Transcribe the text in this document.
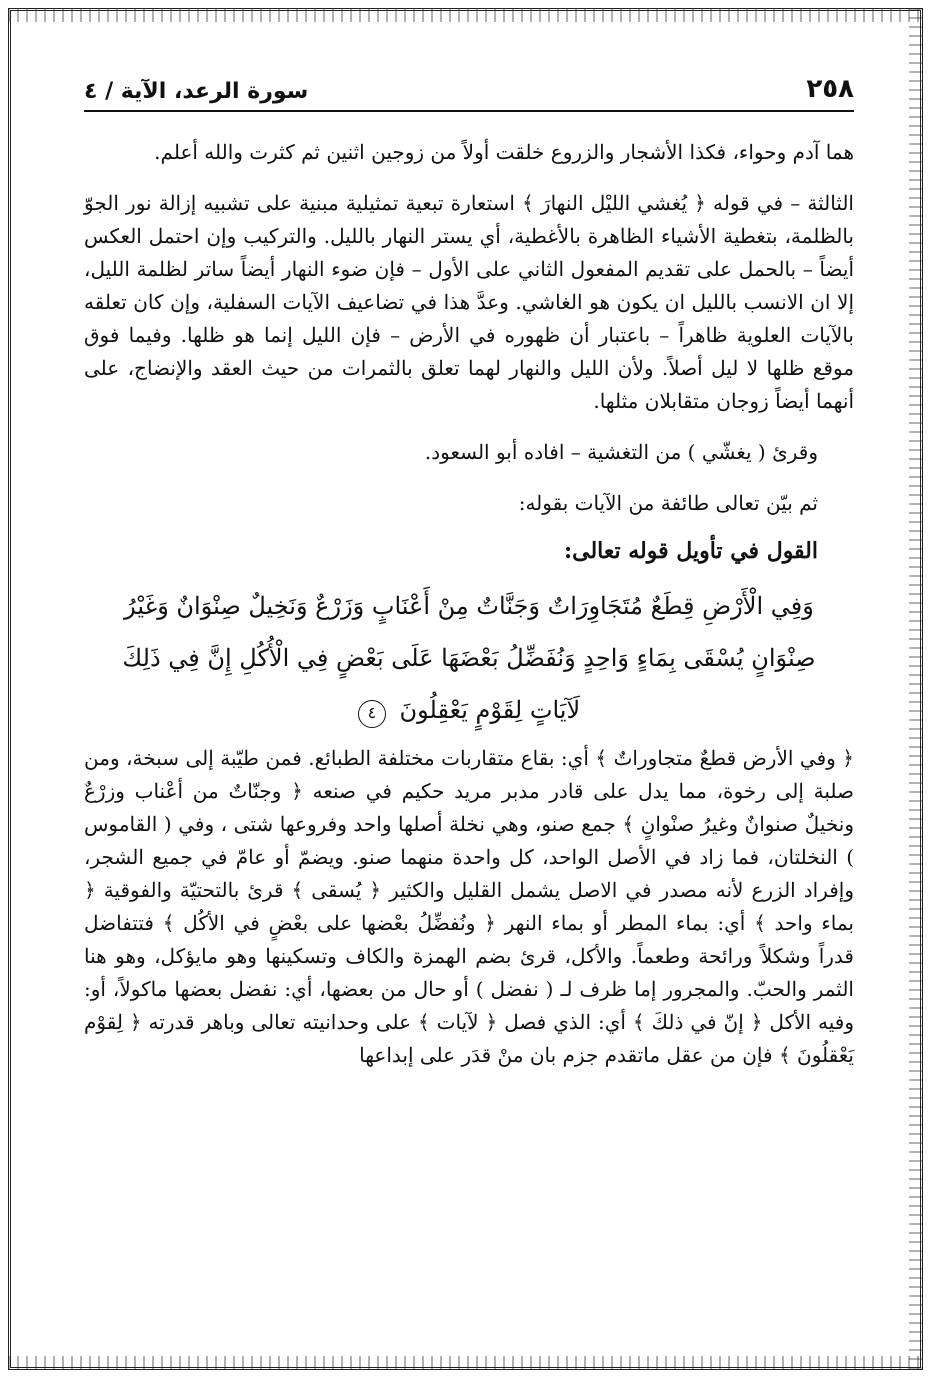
٢٥٨
سورة الرعد، الآية / ٤

هما آدم وحواء، فكذا الأشجار والزروع خلقت أولاً من زوجين اثنين ثم كثرت والله أعلم.

الثالثة – في قوله ﴿ يُغشي الليْل النهارَ ﴾ استعارة تبعية تمثيلية مبنية على تشبيه إزالة نور الجوّ بالظلمة، بتغطية الأشياء الظاهرة بالأغطية، أي يستر النهار بالليل. والتركيب وإن احتمل العكس أيضاً – بالحمل على تقديم المفعول الثاني على الأول – فإن ضوء النهار أيضاً ساتر لظلمة الليل، إلا ان الانسب بالليل ان يكون هو الغاشي. وعدَّ هذا في تضاعيف الآيات السفلية، وإن كان تعلقه بالآيات العلوية ظاهراً – باعتبار أن ظهوره في الأرض – فإن الليل إنما هو ظلها. وفيما فوق موقع ظلها لا ليل أصلاً. ولأن الليل والنهار لهما تعلق بالثمرات من حيث العقد والإنضاج، على أنهما أيضاً زوجان متقابلان مثلها.

وقرئ ( يغشّي ) من التغشية – افاده أبو السعود.

ثم بيّن تعالى طائفة من الآيات بقوله:

القول في تأويل قوله تعالى:
وَفِي الْأَرْضِ قِطَعٌ مُتَجَاوِرَاتٌ وَجَنَّاتٌ مِنْ أَعْنَابٍ وَزَرْعٌ وَنَخِيلٌ صِنْوَانٌ وَغَيْرُ
صِنْوَانٍ يُسْقَى بِمَاءٍ وَاحِدٍ وَنُفَضِّلُ بَعْضَهَا عَلَى بَعْضٍ فِي الْأُكُلِ إِنَّ فِي ذَلِكَ
لَآيَاتٍ لِقَوْمٍ يَعْقِلُونَ ٤

﴿ وفي الأرض قطعٌ متجاوراتٌ ﴾ أي: بقاع متقاربات مختلفة الطبائع. فمن طيّبة إلى سبخة، ومن صلبة إلى رخوة، مما يدل على قادر مدبر مريد حكيم في صنعه ﴿ وجنّاتٌ من أعْناب وزرْعٌ ونخيلٌ صنوانٌ وغيرُ صنْوانٍ ﴾ جمع صنو، وهي نخلة أصلها واحد وفروعها شتى ، وفي ( القاموس ) النخلتان، فما زاد في الأصل الواحد، كل واحدة منهما صنو. ويضمّ أو عامّ في جميع الشجر، وإفراد الزرع لأنه مصدر في الاصل يشمل القليل والكثير ﴿ يُسقى ﴾ قرئ بالتحتيّة والفوقية ﴿ بماء واحد ﴾ أي: بماء المطر أو بماء النهر ﴿ ونُفضِّلُ بعْضها على بعْضٍ في الأكُل ﴾ فتتفاضل قدراً وشكلاً ورائحة وطعماً. والأكل، قرئ بضم الهمزة والكاف وتسكينها وهو مايؤكل، وهو هنا الثمر والحبّ. والمجرور إما ظرف لـ ( نفضل ) أو حال من بعضها، أي: نفضل بعضها ماكولاً، أو: وفيه الأكل ﴿ إنّ في ذلكَ ﴾ أي: الذي فصل ﴿ لآيات ﴾ على وحدانيته تعالى وباهر قدرته ﴿ لِقوْم يَعْقلُونَ ﴾ فإن من عقل ماتقدم جزم بان منْ قدَر على إبداعها
